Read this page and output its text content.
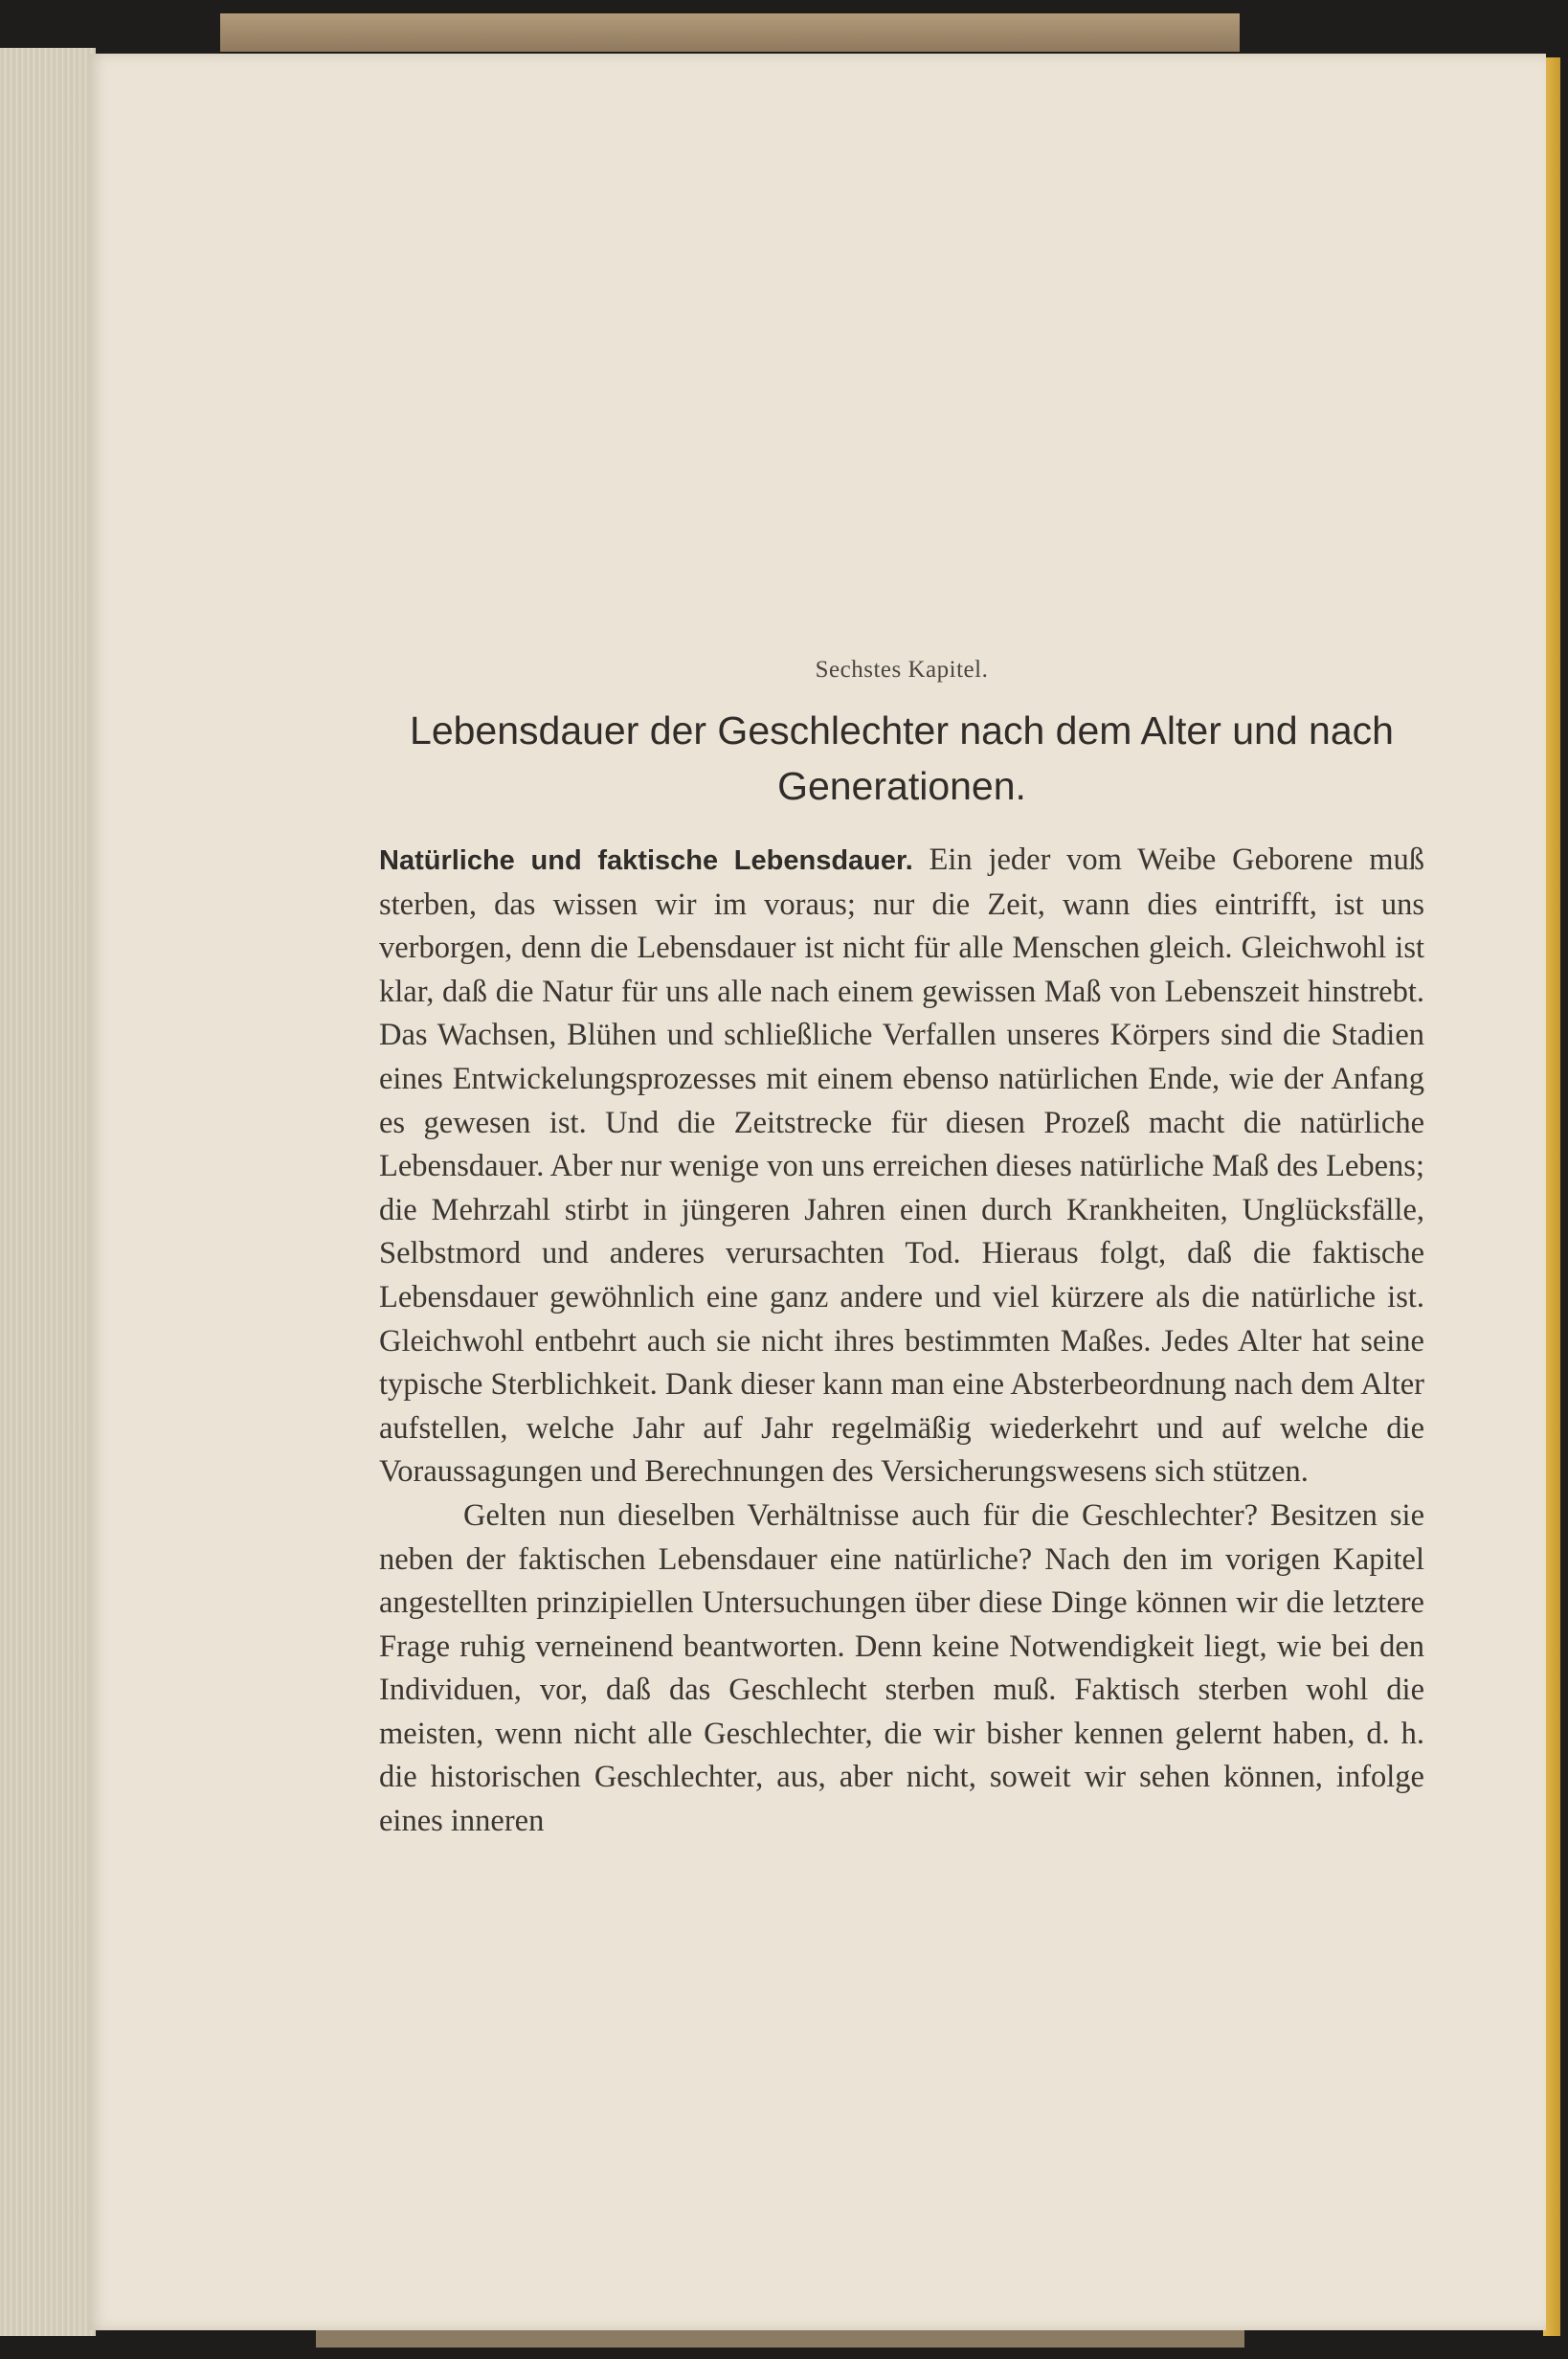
Sechstes Kapitel.
Lebensdauer der Geschlechter nach dem Alter und nach Generationen.

Natürliche und faktische Lebensdauer. Ein jeder vom Weibe Geborene muß sterben, das wissen wir im voraus; nur die Zeit, wann dies eintrifft, ist uns verborgen, denn die Lebensdauer ist nicht für alle Menschen gleich. Gleichwohl ist klar, daß die Natur für uns alle nach einem gewissen Maß von Lebenszeit hinstrebt. Das Wachsen, Blühen und schließliche Verfallen unseres Körpers sind die Stadien eines Entwickelungsprozesses mit einem ebenso natürlichen Ende, wie der Anfang es gewesen ist. Und die Zeitstrecke für diesen Prozeß macht die natürliche Lebensdauer. Aber nur wenige von uns erreichen dieses natürliche Maß des Lebens; die Mehrzahl stirbt in jüngeren Jahren einen durch Krankheiten, Unglücksfälle, Selbstmord und anderes verursachten Tod. Hieraus folgt, daß die faktische Lebensdauer gewöhnlich eine ganz andere und viel kürzere als die natürliche ist. Gleichwohl entbehrt auch sie nicht ihres bestimmten Maßes. Jedes Alter hat seine typische Sterblichkeit. Dank dieser kann man eine Absterbeordnung nach dem Alter aufstellen, welche Jahr auf Jahr regelmäßig wiederkehrt und auf welche die Voraussagungen und Berechnungen des Versicherungswesens sich stützen.

Gelten nun dieselben Verhältnisse auch für die Geschlechter? Besitzen sie neben der faktischen Lebensdauer eine natürliche? Nach den im vorigen Kapitel angestellten prinzipiellen Untersuchungen über diese Dinge können wir die letztere Frage ruhig verneinend beantworten. Denn keine Notwendigkeit liegt, wie bei den Individuen, vor, daß das Geschlecht sterben muß. Faktisch sterben wohl die meisten, wenn nicht alle Geschlechter, die wir bisher kennen gelernt haben, d. h. die historischen Geschlechter, aus, aber nicht, soweit wir sehen können, infolge eines inneren
